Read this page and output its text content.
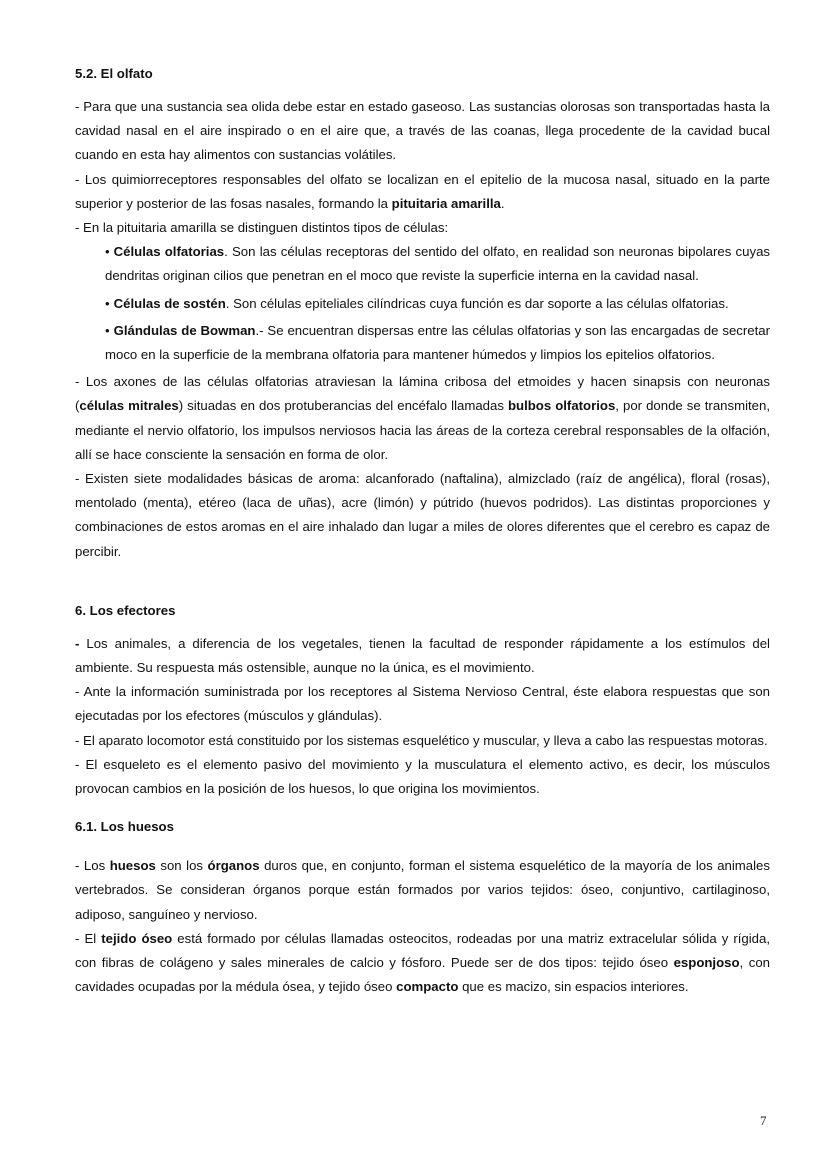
5.2. El olfato

- Para que una sustancia sea olida debe estar en estado gaseoso. Las sustancias olorosas son transportadas hasta la cavidad nasal en el aire inspirado o en el aire que, a través de las coanas, llega procedente de la cavidad bucal cuando en esta hay alimentos con sustancias volátiles.

- Los quimiorreceptores responsables del olfato se localizan en el epitelio de la mucosa nasal, situado en la parte superior y posterior de las fosas nasales, formando la pituitaria amarilla.

- En la pituitaria amarilla se distinguen distintos tipos de células:

• Células olfatorias. Son las células receptoras del sentido del olfato, en realidad son neuronas bipolares cuyas dendritas originan cilios que penetran en el moco que reviste la superficie interna en la cavidad nasal.
• Células de sostén. Son células epiteliales cilíndricas cuya función es dar soporte a las células olfatorias.
• Glándulas de Bowman.- Se encuentran dispersas entre las células olfatorias y son las encargadas de secretar moco en la superficie de la membrana olfatoria para mantener húmedos y limpios los epitelios olfatorios.

- Los axones de las células olfatorias atraviesan la lámina cribosa del etmoides y hacen sinapsis con neuronas (células mitrales) situadas en dos protuberancias del encéfalo llamadas bulbos olfatorios, por donde se transmiten, mediante el nervio olfatorio, los impulsos nerviosos hacia las áreas de la corteza cerebral responsables de la olfación, allí se hace consciente la sensación en forma de olor.

- Existen siete modalidades básicas de aroma: alcanforado (naftalina), almizclado (raíz de angélica), floral (rosas), mentolado (menta), etéreo (laca de uñas), acre (limón) y pútrido (huevos podridos). Las distintas proporciones y combinaciones de estos aromas en el aire inhalado dan lugar a miles de olores diferentes que el cerebro es capaz de percibir.

6. Los efectores

- Los animales, a diferencia de los vegetales, tienen la facultad de responder rápidamente a los estímulos del ambiente. Su respuesta más ostensible, aunque no la única, es el movimiento.

- Ante la información suministrada por los receptores al Sistema Nervioso Central, éste elabora respuestas que son ejecutadas por los efectores (músculos y glándulas).

- El aparato locomotor está constituido por los sistemas esquelético y muscular, y lleva a cabo las respuestas motoras.

- El esqueleto es el elemento pasivo del movimiento y la musculatura el elemento activo, es decir, los músculos provocan cambios en la posición de los huesos, lo que origina los movimientos.

6.1. Los huesos

- Los huesos son los órganos duros que, en conjunto, forman el sistema esquelético de la mayoría de los animales vertebrados. Se consideran órganos porque están formados por varios tejidos: óseo, conjuntivo, cartilaginoso, adiposo, sanguíneo y nervioso.

- El tejido óseo está formado por células llamadas osteocitos, rodeadas por una matriz extracelular sólida y rígida, con fibras de colágeno y sales minerales de calcio y fósforo. Puede ser de dos tipos: tejido óseo esponjoso, con cavidades ocupadas por la médula ósea, y tejido óseo compacto que es macizo, sin espacios interiores.

7
